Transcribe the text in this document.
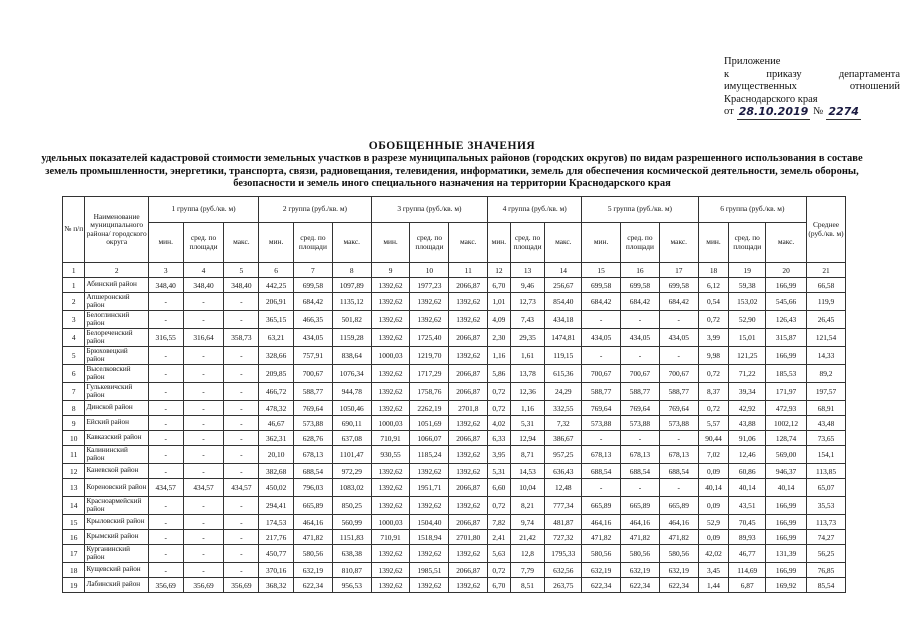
Приложение
к	приказу	департамента
имущественных	отношений
Краснодарского края
от 28.10.2019 № 2274
ОБОБЩЕННЫЕ ЗНАЧЕНИЯ
удельных показателей кадастровой стоимости земельных участков в разрезе муниципальных районов (городских округов) по видам разрешенного использования в составе земель промышленности, энергетики, транспорта, связи, радиовещания, телевидения, информатики, земель для обеспечения космической деятельности, земель обороны, безопасности и земель иного специального назначения на территории Краснодарского края
№ п/п	Наименование муниципального района/ городского округа	1 группа (руб./кв. м)			2 группа (руб./кв. м)			3 группа (руб./кв. м)			4 группа (руб./кв. м)			5 группа (руб./кв. м)			6 группа (руб./кв. м)			Среднее (руб./кв. м)
		мин.	сред. по площади	макс.	мин.	сред. по площади	макс.	мин.	сред. по площади	макс.	мин.	сред. по площади	макс.	мин.	сред. по площади	макс.	мин.	сред. по площади	макс.	
1	2	3	4	5	6	7	8	9	10	11	12	13	14	15	16	17	18	19	20	21
1	Абинский район	348,40	348,40	348,40	442,25	699,58	1097,89	1392,62	1977,23	2066,87	6,70	9,46	256,67	699,58	699,58	699,58	6,12	59,38	166,99	66,58
2	Апшеронский район	-	-	-	206,91	684,42	1135,12	1392,62	1392,62	1392,62	1,01	12,73	854,40	684,42	684,42	684,42	0,54	153,02	545,66	119,9
3	Белоглинский район	-	-	-	365,15	466,35	501,82	1392,62	1392,62	1392,62	4,09	7,43	434,18	-	-	-	0,72	52,90	126,43	26,45
4	Белореченский район	316,55	316,64	358,73	63,21	434,05	1159,28	1392,62	1725,40	2066,87	2,30	29,35	1474,81	434,05	434,05	434,05	3,99	15,01	315,87	121,54
5	Брюховецкий район	-	-	-	328,66	757,91	838,64	1000,03	1219,70	1392,62	1,16	1,61	119,15	-	-	-	9,98	121,25	166,99	14,33
6	Выселковский район	-	-	-	209,85	700,67	1076,34	1392,62	1717,29	2066,87	5,86	13,78	615,36	700,67	700,67	700,67	0,72	71,22	185,53	89,2
7	Гулькевичский район	-	-	-	466,72	588,77	944,78	1392,62	1758,76	2066,87	0,72	12,36	24,29	588,77	588,77	588,77	8,37	39,34	171,97	197,57
8	Динской район	-	-	-	478,32	769,64	1050,46	1392,62	2262,19	2701,8	0,72	1,16	332,55	769,64	769,64	769,64	0,72	42,92	472,93	68,91
9	Ейский район	-	-	-	46,67	573,88	690,11	1000,03	1051,69	1392,62	4,02	5,31	7,32	573,88	573,88	573,88	5,57	43,88	1002,12	43,48
10	Кавказский район	-	-	-	362,31	628,76	637,08	710,91	1066,07	2066,87	6,33	12,94	386,67	-	-	-	90,44	91,06	128,74	73,65
11	Калининский район	-	-	-	20,10	678,13	1101,47	930,55	1185,24	1392,62	3,95	8,71	957,25	678,13	678,13	678,13	7,02	12,46	569,00	154,1
12	Каневской район	-	-	-	382,68	688,54	972,29	1392,62	1392,62	1392,62	5,31	14,53	636,43	688,54	688,54	688,54	0,09	60,86	946,37	113,85
13	Кореновский район	434,57	434,57	434,57	450,02	796,03	1083,02	1392,62	1951,71	2066,87	6,60	10,04	12,48	-	-	-	40,14	40,14	40,14	65,07
14	Красноармейский район	-	-	-	294,41	665,89	850,25	1392,62	1392,62	1392,62	0,72	8,21	777,34	665,89	665,89	665,89	0,09	43,51	166,99	35,53
15	Крыловский район	-	-	-	174,53	464,16	560,99	1000,03	1504,40	2066,87	7,82	9,74	481,87	464,16	464,16	464,16	52,9	70,45	166,99	113,73
16	Крымский район	-	-	-	217,76	471,82	1151,83	710,91	1518,94	2701,80	2,41	21,42	727,32	471,82	471,82	471,82	0,09	89,93	166,99	74,27
17	Курганинский район	-	-	-	450,77	580,56	638,38	1392,62	1392,62	1392,62	5,63	12,8	1795,33	580,56	580,56	580,56	42,02	46,77	131,39	56,25
18	Кущевский район	-	-	-	370,16	632,19	810,87	1392,62	1985,51	2066,87	0,72	7,79	632,56	632,19	632,19	632,19	3,45	114,69	166,99	76,85
19	Лабинский район	356,69	356,69	356,69	368,32	622,34	956,53	1392,62	1392,62	1392,62	6,70	8,51	263,75	622,34	622,34	622,34	1,44	6,87	169,92	85,54
